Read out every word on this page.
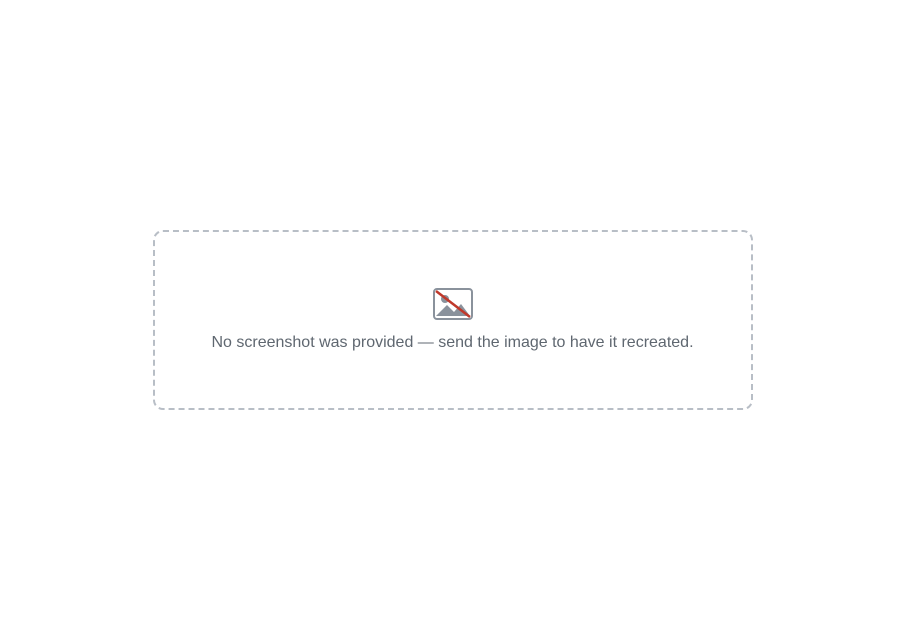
No screenshot was provided — send the image to have it recreated.
